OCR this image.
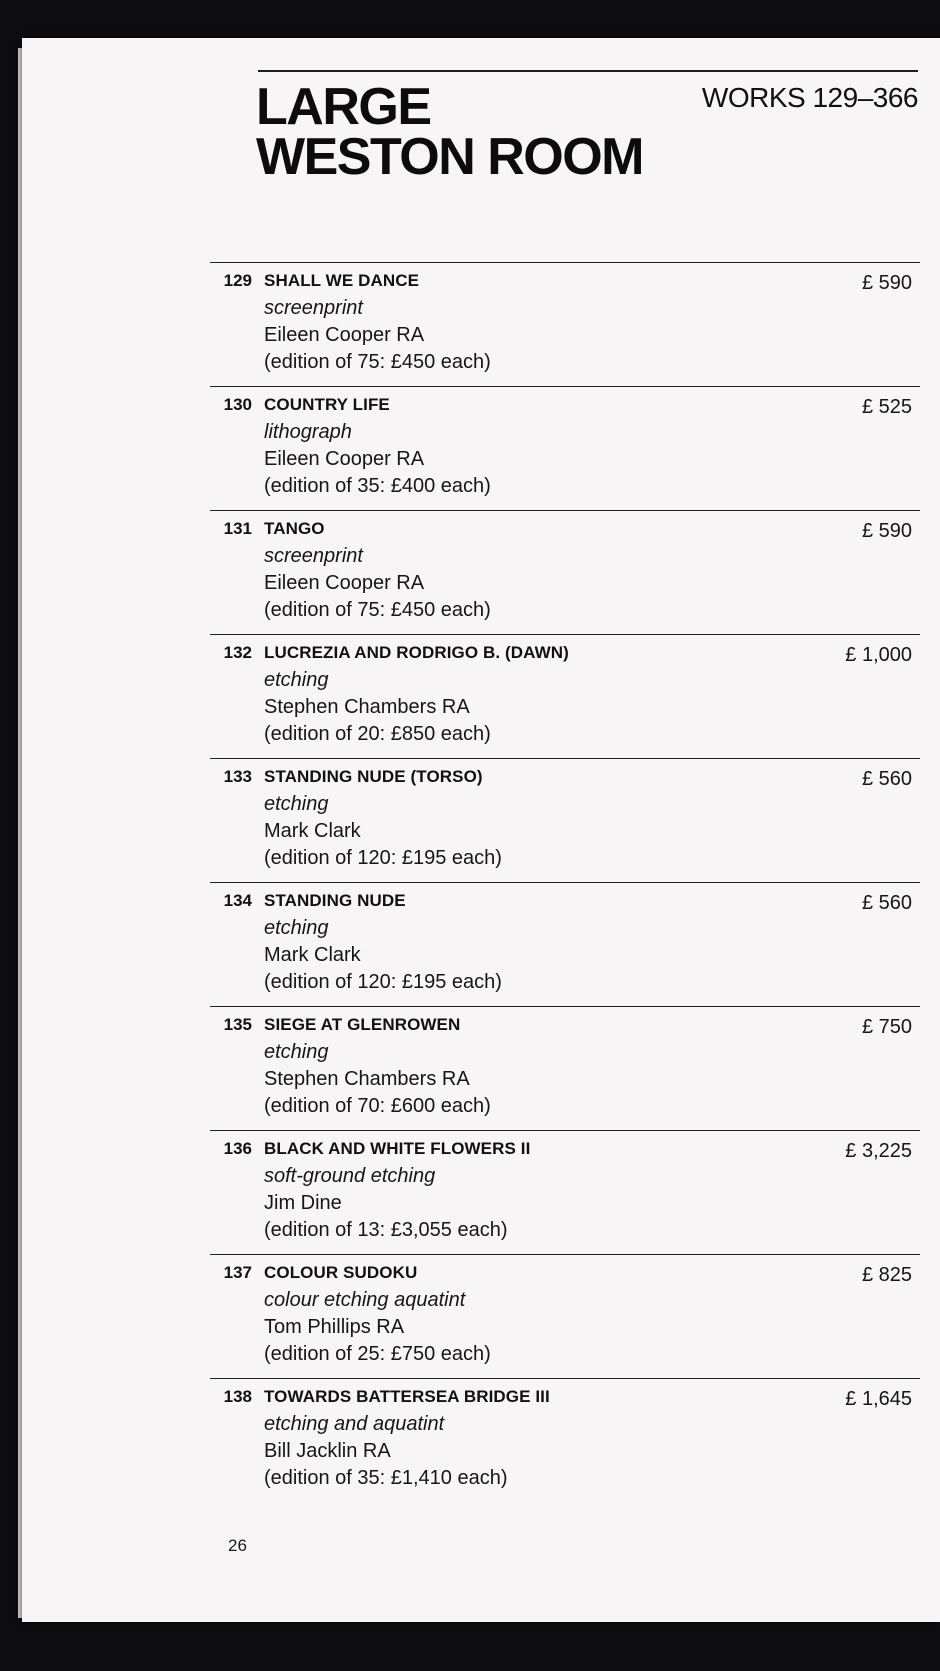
LARGE
WESTON ROOM
WORKS 129–366
129 SHALL WE DANCE
screenprint
Eileen Cooper RA
(edition of 75: £450 each)
£ 590
130 COUNTRY LIFE
lithograph
Eileen Cooper RA
(edition of 35: £400 each)
£ 525
131 TANGO
screenprint
Eileen Cooper RA
(edition of 75: £450 each)
£ 590
132 LUCREZIA AND RODRIGO B. (DAWN)
etching
Stephen Chambers RA
(edition of 20: £850 each)
£ 1,000
133 STANDING NUDE (TORSO)
etching
Mark Clark
(edition of 120: £195 each)
£ 560
134 STANDING NUDE
etching
Mark Clark
(edition of 120: £195 each)
£ 560
135 SIEGE AT GLENROWEN
etching
Stephen Chambers RA
(edition of 70: £600 each)
£ 750
136 BLACK AND WHITE FLOWERS II
soft-ground etching
Jim Dine
(edition of 13: £3,055 each)
£ 3,225
137 COLOUR SUDOKU
colour etching aquatint
Tom Phillips RA
(edition of 25: £750 each)
£ 825
138 TOWARDS BATTERSEA BRIDGE III
etching and aquatint
Bill Jacklin RA
(edition of 35: £1,410 each)
£ 1,645
26
